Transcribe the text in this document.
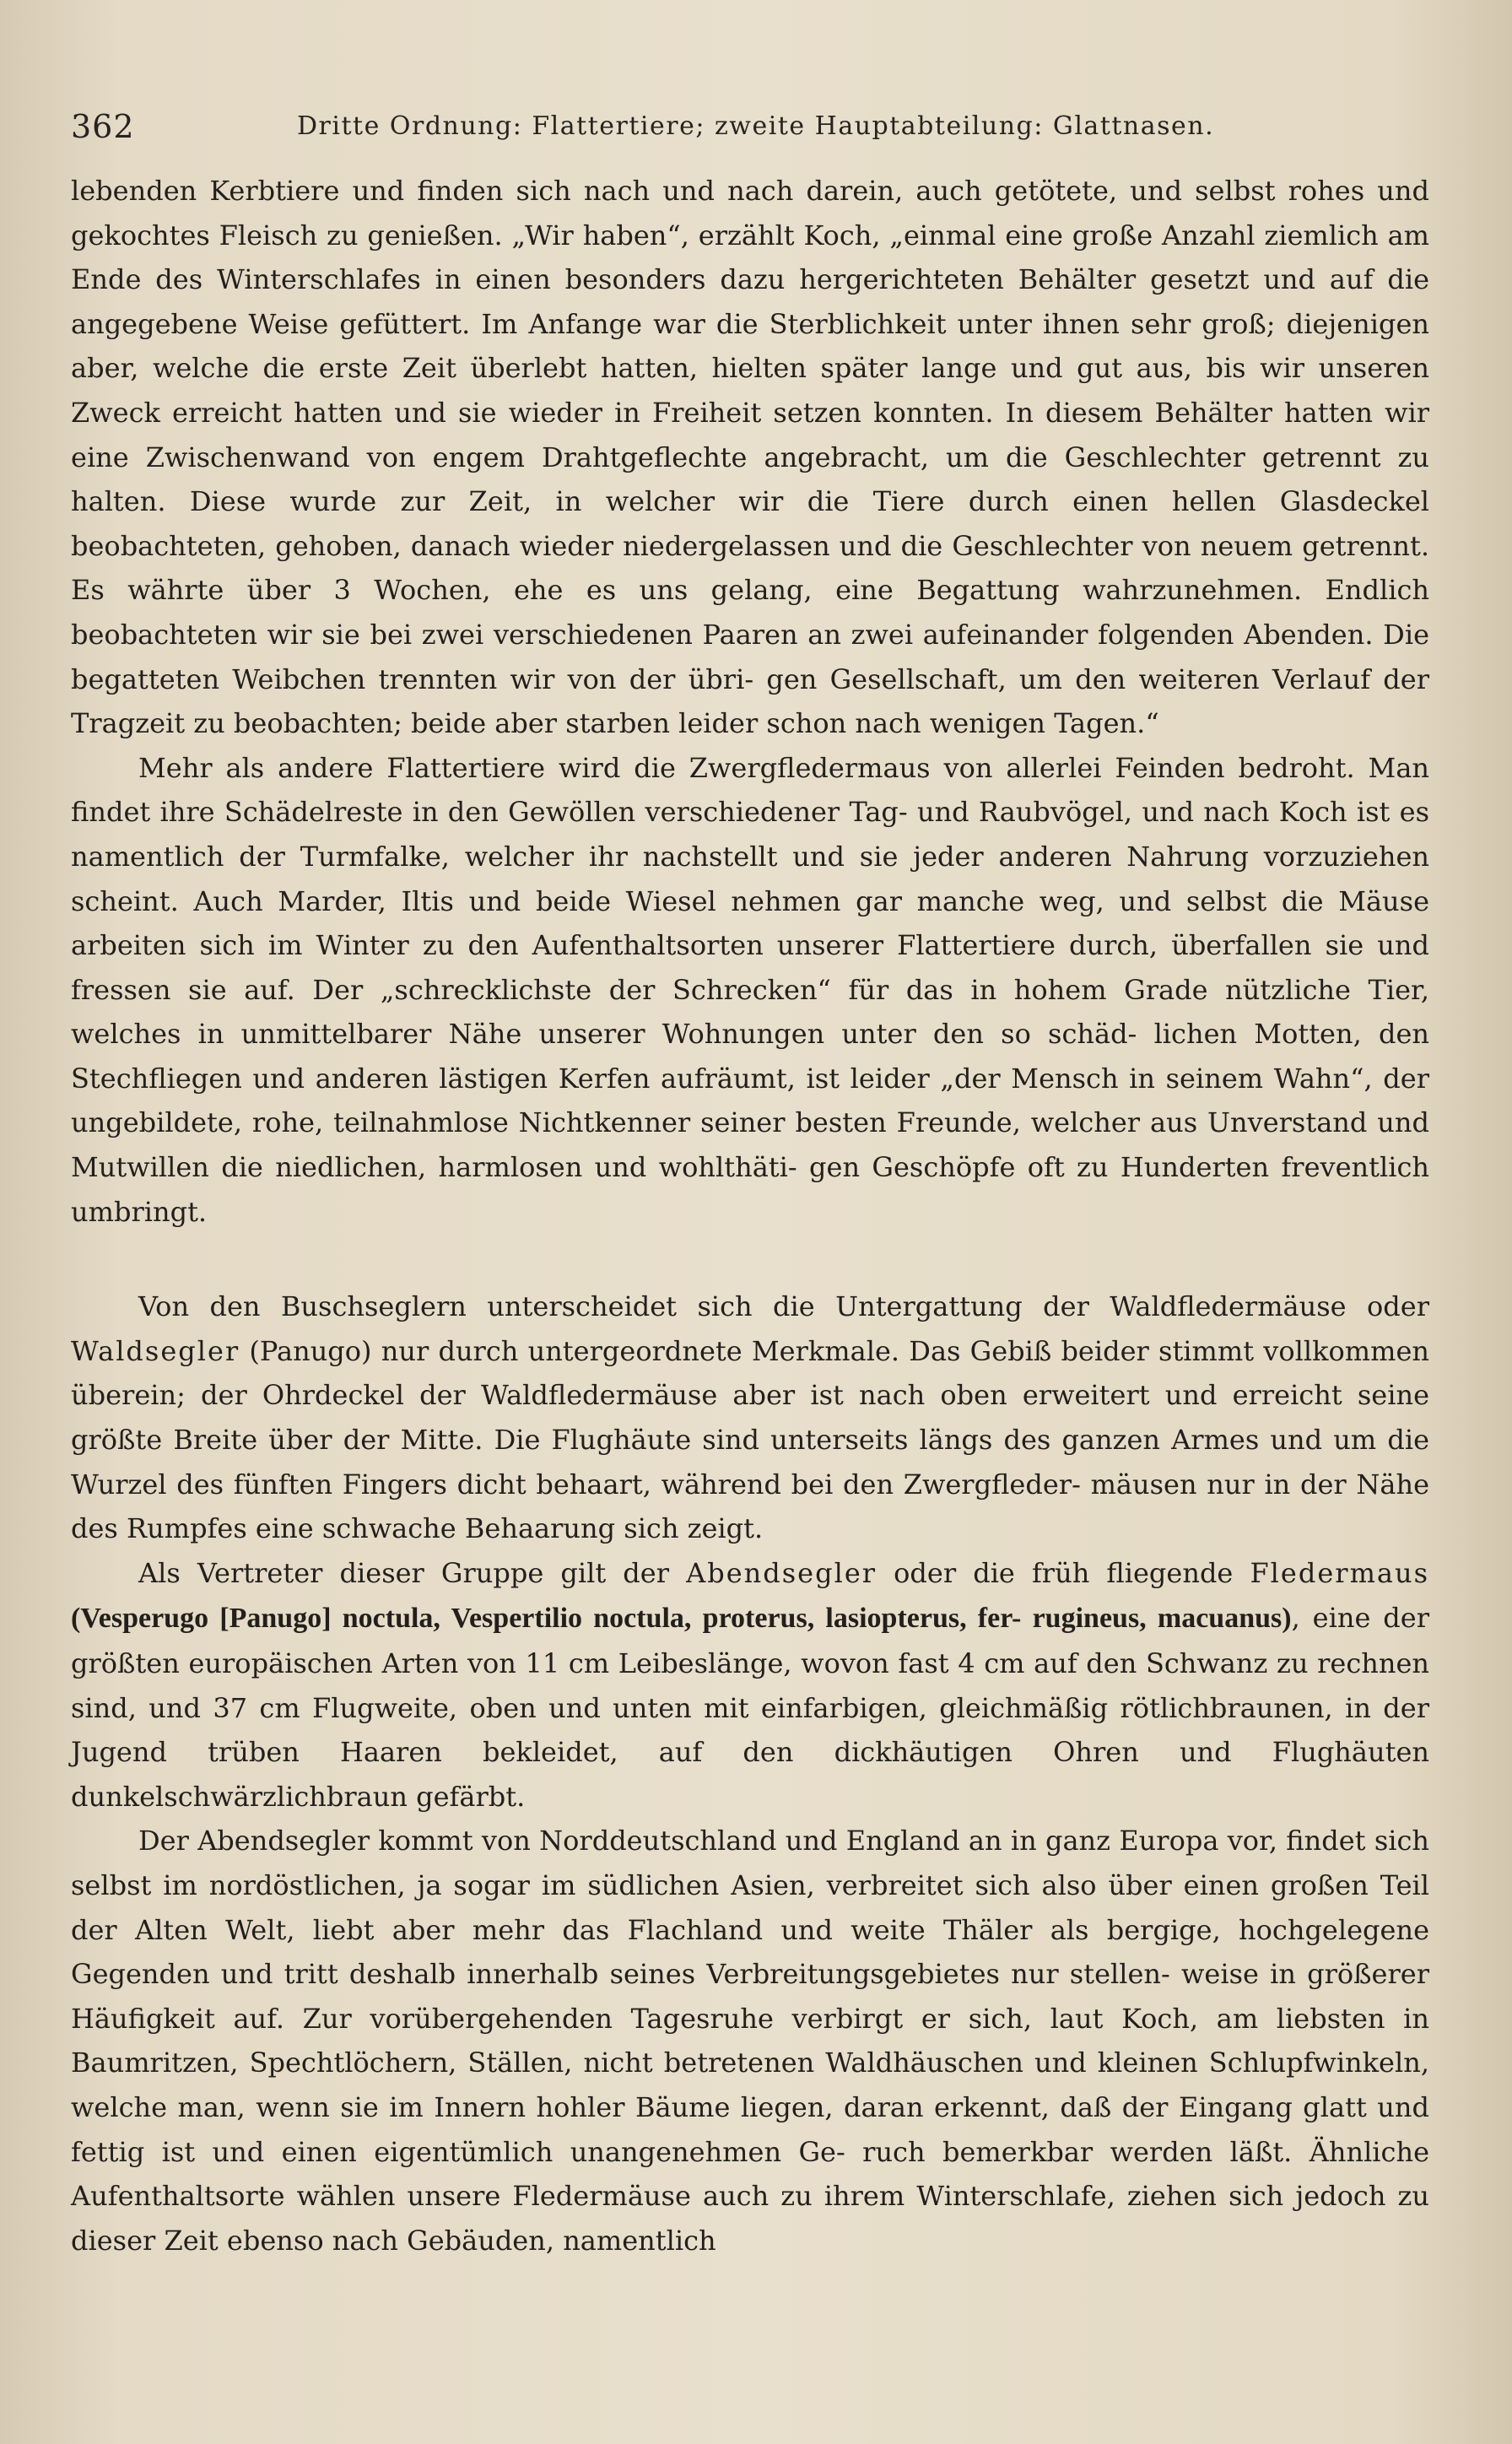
362	Dritte Ordnung: Flattertiere; zweite Hauptabteilung: Glattnasen.

lebenden Kerbtiere und finden sich nach und nach darein, auch getötete, und selbst rohes und gekochtes Fleisch zu genießen. „Wir haben“, erzählt Koch, „einmal eine große Anzahl ziemlich am Ende des Winterschlafes in einen besonders dazu hergerichteten Behälter gesetzt und auf die angegebene Weise gefüttert. Im Anfange war die Sterblichkeit unter ihnen sehr groß; diejenigen aber, welche die erste Zeit überlebt hatten, hielten später lange und gut aus, bis wir unseren Zweck erreicht hatten und sie wieder in Freiheit setzen konnten. In diesem Behälter hatten wir eine Zwischenwand von engem Drahtgeflechte angebracht, um die Geschlechter getrennt zu halten. Diese wurde zur Zeit, in welcher wir die Tiere durch einen hellen Glasdeckel beobachteten, gehoben, danach wieder niedergelassen und die Geschlechter von neuem getrennt. Es währte über 3 Wochen, ehe es uns gelang, eine Begattung wahrzunehmen. Endlich beobachteten wir sie bei zwei verschiedenen Paaren an zwei aufeinander folgenden Abenden. Die begatteten Weibchen trennten wir von der übri- gen Gesellschaft, um den weiteren Verlauf der Tragzeit zu beobachten; beide aber starben leider schon nach wenigen Tagen.“

Mehr als andere Flattertiere wird die Zwergfledermaus von allerlei Feinden bedroht. Man findet ihre Schädelreste in den Gewöllen verschiedener Tag- und Raubvögel, und nach Koch ist es namentlich der Turmfalke, welcher ihr nachstellt und sie jeder anderen Nahrung vorzuziehen scheint. Auch Marder, Iltis und beide Wiesel nehmen gar manche weg, und selbst die Mäuse arbeiten sich im Winter zu den Aufenthaltsorten unserer Flattertiere durch, überfallen sie und fressen sie auf. Der „schrecklichste der Schrecken“ für das in hohem Grade nützliche Tier, welches in unmittelbarer Nähe unserer Wohnungen unter den so schäd- lichen Motten, den Stechfliegen und anderen lästigen Kerfen aufräumt, ist leider „der Mensch in seinem Wahn“, der ungebildete, rohe, teilnahmlose Nichtkenner seiner besten Freunde, welcher aus Unverstand und Mutwillen die niedlichen, harmlosen und wohlthäti- gen Geschöpfe oft zu Hunderten freventlich umbringt.

Von den Buschseglern unterscheidet sich die Untergattung der Waldfledermäuse oder Waldsegler (Panugo) nur durch untergeordnete Merkmale. Das Gebiß beider stimmt vollkommen überein; der Ohrdeckel der Waldfledermäuse aber ist nach oben erweitert und erreicht seine größte Breite über der Mitte. Die Flughäute sind unterseits längs des ganzen Armes und um die Wurzel des fünften Fingers dicht behaart, während bei den Zwergfleder- mäusen nur in der Nähe des Rumpfes eine schwache Behaarung sich zeigt.

Als Vertreter dieser Gruppe gilt der Abendsegler oder die früh fliegende Fledermaus (Vesperugo [Panugo] noctula, Vespertilio noctula, proterus, lasiopterus, fer- rugineus, macuanus), eine der größten europäischen Arten von 11 cm Leibeslänge, wovon fast 4 cm auf den Schwanz zu rechnen sind, und 37 cm Flugweite, oben und unten mit einfarbigen, gleichmäßig rötlichbraunen, in der Jugend trüben Haaren bekleidet, auf den dickhäutigen Ohren und Flughäuten dunkelschwärzlichbraun gefärbt.

Der Abendsegler kommt von Norddeutschland und England an in ganz Europa vor, findet sich selbst im nordöstlichen, ja sogar im südlichen Asien, verbreitet sich also über einen großen Teil der Alten Welt, liebt aber mehr das Flachland und weite Thäler als bergige, hochgelegene Gegenden und tritt deshalb innerhalb seines Verbreitungsgebietes nur stellen- weise in größerer Häufigkeit auf. Zur vorübergehenden Tagesruhe verbirgt er sich, laut Koch, am liebsten in Baumritzen, Spechtlöchern, Ställen, nicht betretenen Waldhäuschen und kleinen Schlupfwinkeln, welche man, wenn sie im Innern hohler Bäume liegen, daran erkennt, daß der Eingang glatt und fettig ist und einen eigentümlich unangenehmen Ge- ruch bemerkbar werden läßt. Ähnliche Aufenthaltsorte wählen unsere Fledermäuse auch zu ihrem Winterschlafe, ziehen sich jedoch zu dieser Zeit ebenso nach Gebäuden, namentlich
